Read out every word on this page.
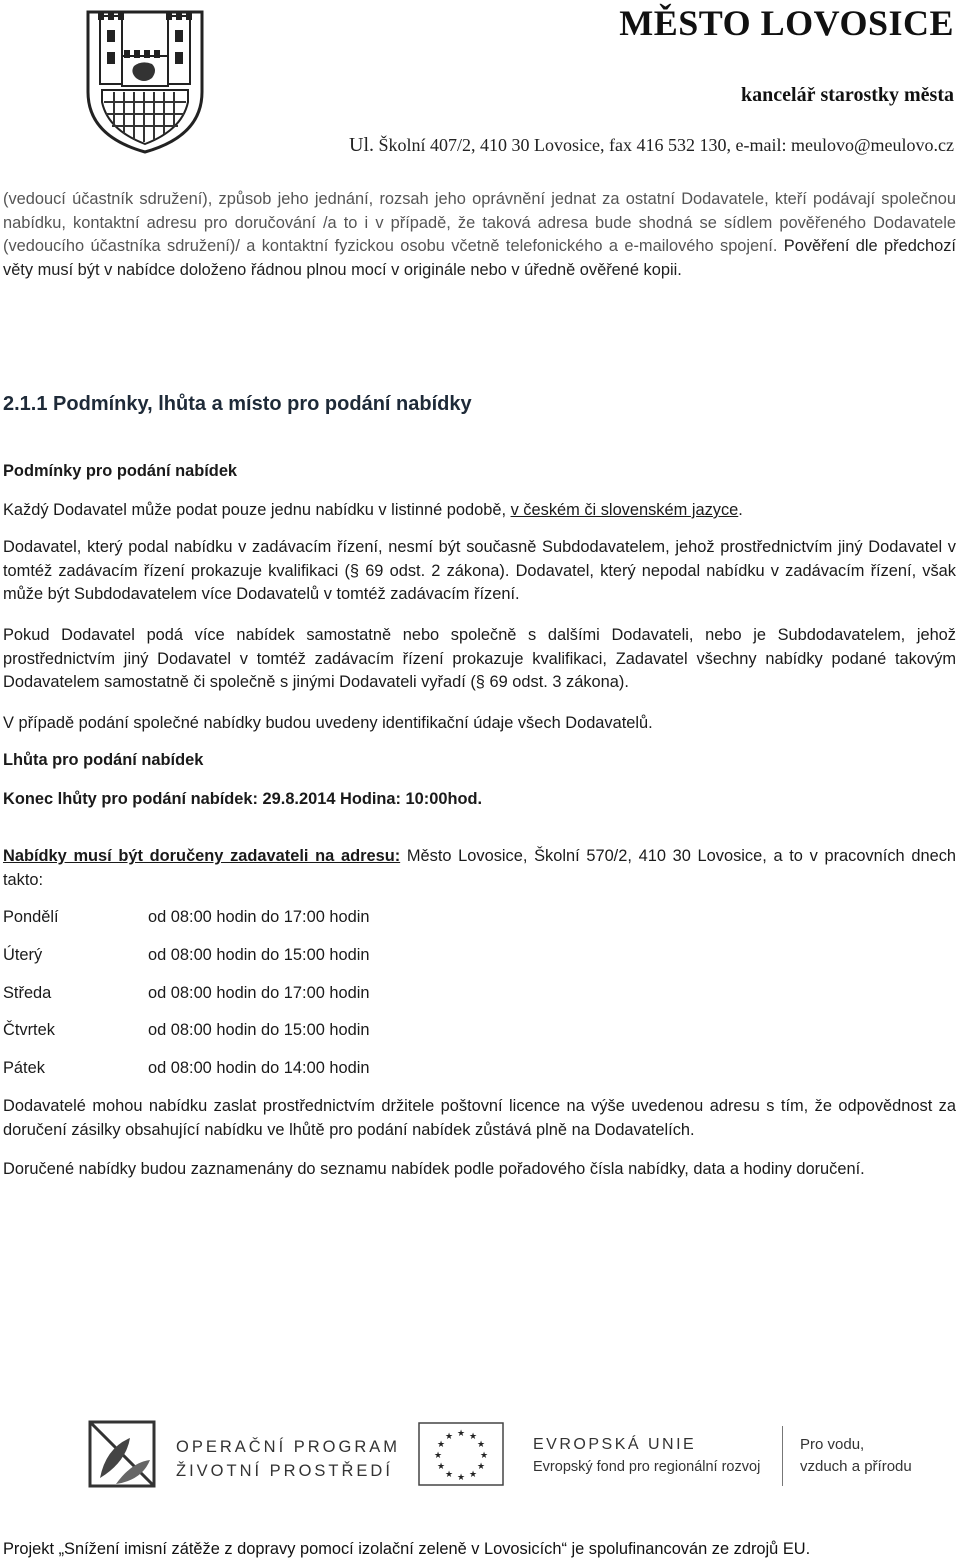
MĚSTO LOVOSICE
kancelář starostky města
Ul. Školní 407/2, 410 30 Lovosice, fax 416 532 130, e-mail: meulovo@meulovo.cz

(vedoucí účastník sdružení), způsob jeho jednání, rozsah jeho oprávnění jednat za ostatní Dodavatele, kteří podávají společnou nabídku, kontaktní adresu pro doručování /a to i v případě, že taková adresa bude shodná se sídlem pověřeného Dodavatele (vedoucího účastníka sdružení)/ a kontaktní fyzickou osobu včetně telefonického a e-mailového spojení. Pověření dle předchozí věty musí být v nabídce doloženo řádnou plnou mocí v originále nebo v úředně ověřené kopii.

2.1.1 Podmínky, lhůta a místo pro podání nabídky
Podmínky pro podání nabídek
Každý Dodavatel může podat pouze jednu nabídku v listinné podobě, v českém či slovenském jazyce.
Dodavatel, který podal nabídku v zadávacím řízení, nesmí být současně Subdodavatelem, jehož prostřednictvím jiný Dodavatel v tomtéž zadávacím řízení prokazuje kvalifikaci (§ 69 odst. 2 zákona). Dodavatel, který nepodal nabídku v zadávacím řízení, však může být Subdodavatelem více Dodavatelů v tomtéž zadávacím řízení.
Pokud Dodavatel podá více nabídek samostatně nebo společně s dalšími Dodavateli, nebo je Subdodavatelem, jehož prostřednictvím jiný Dodavatel v tomtéž zadávacím řízení prokazuje kvalifikaci, Zadavatel všechny nabídky podané takovým Dodavatelem samostatně či společně s jinými Dodavateli vyřadí (§ 69 odst. 3 zákona).
V případě podání společné nabídky budou uvedeny identifikační údaje všech Dodavatelů.
Lhůta pro podání nabídek
Konec lhůty pro podání nabídek: 29.8.2014 Hodina: 10:00hod.
Nabídky musí být doručeny zadavateli na adresu: Město Lovosice, Školní 570/2, 410 30 Lovosice, a to v pracovních dnech takto:
Pondělí	od 08:00 hodin do 17:00 hodin
Úterý	od 08:00 hodin do 15:00 hodin
Středa	od 08:00 hodin do 17:00 hodin
Čtvrtek	od 08:00 hodin do 15:00 hodin
Pátek	od 08:00 hodin do 14:00 hodin
Dodavatelé mohou nabídku zaslat prostřednictvím držitele poštovní licence na výše uvedenou adresu s tím, že odpovědnost za doručení zásilky obsahující nabídku ve lhůtě pro podání nabídek zůstává plně na Dodavatelích.
Doručené nabídky budou zaznamenány do seznamu nabídek podle pořadového čísla nabídky, data a hodiny doručení.
OPERAČNÍ PROGRAM
ŽIVOTNÍ PROSTŘEDÍ
★ ★
★
★
★
★
★
★
★
★
★
★	EVROPSKÁ UNIE
Evropský fond pro regionální rozvoj
Pro vodu,
vzduch a přírodu
Projekt „Snížení imisní zátěže z dopravy pomocí izolační zeleně v Lovosicích“ je spolufinancován ze zdrojů EU.
